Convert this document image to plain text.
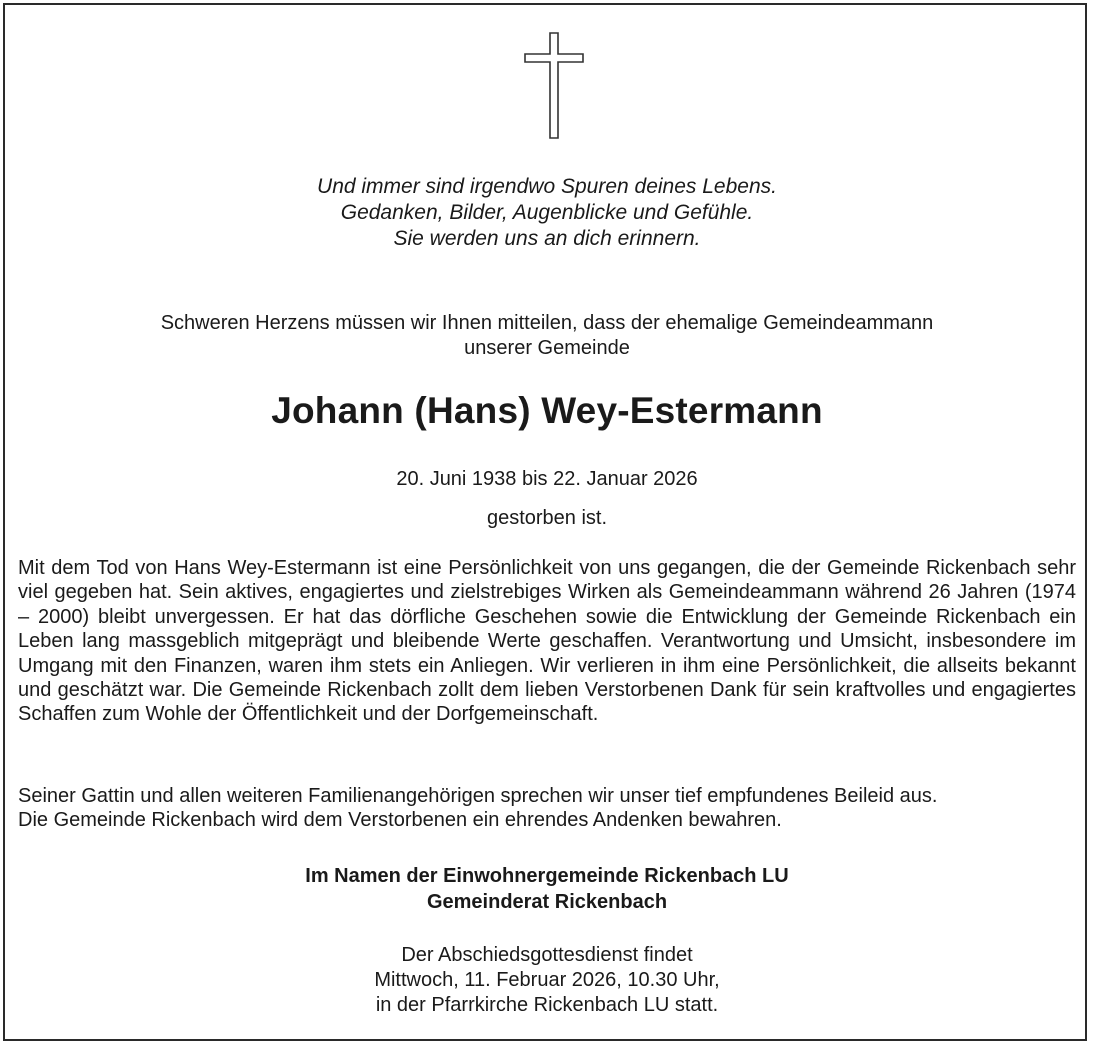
Und immer sind irgendwo Spuren deines Lebens.
Gedanken, Bilder, Augenblicke und Gefühle.
Sie werden uns an dich erinnern.
Schweren Herzens müssen wir Ihnen mitteilen, dass der ehemalige Gemeindeammann
unserer Gemeinde
Johann (Hans) Wey-Estermann
20. Juni 1938 bis 22. Januar 2026
gestorben ist.
Mit dem Tod von Hans Wey-Estermann ist eine Persönlichkeit von uns gegangen, die der Gemeinde Rickenbach sehr viel gegeben hat. Sein aktives, engagiertes und zielstrebiges Wirken als Gemeindeammann während 26 Jahren (1974 – 2000) bleibt unvergessen. Er hat das dörfliche Geschehen sowie die Entwicklung der Gemeinde Rickenbach ein Leben lang massgeblich mitgeprägt und bleibende Werte geschaffen. Verantwortung und Umsicht, insbesondere im Umgang mit den Finanzen, waren ihm stets ein Anliegen. Wir verlieren in ihm eine Persönlichkeit, die allseits bekannt und geschätzt war. Die Gemeinde Rickenbach zollt dem lieben Verstorbenen Dank für sein kraftvolles und engagiertes Schaffen zum Wohle der Öffentlichkeit und der Dorfgemeinschaft.
Seiner Gattin und allen weiteren Familienangehörigen sprechen wir unser tief empfundenes Beileid aus.
Die Gemeinde Rickenbach wird dem Verstorbenen ein ehrendes Andenken bewahren.
Im Namen der Einwohnergemeinde Rickenbach LU
Gemeinderat Rickenbach
Der Abschiedsgottesdienst findet
Mittwoch, 11. Februar 2026, 10.30 Uhr,
in der Pfarrkirche Rickenbach LU statt.
